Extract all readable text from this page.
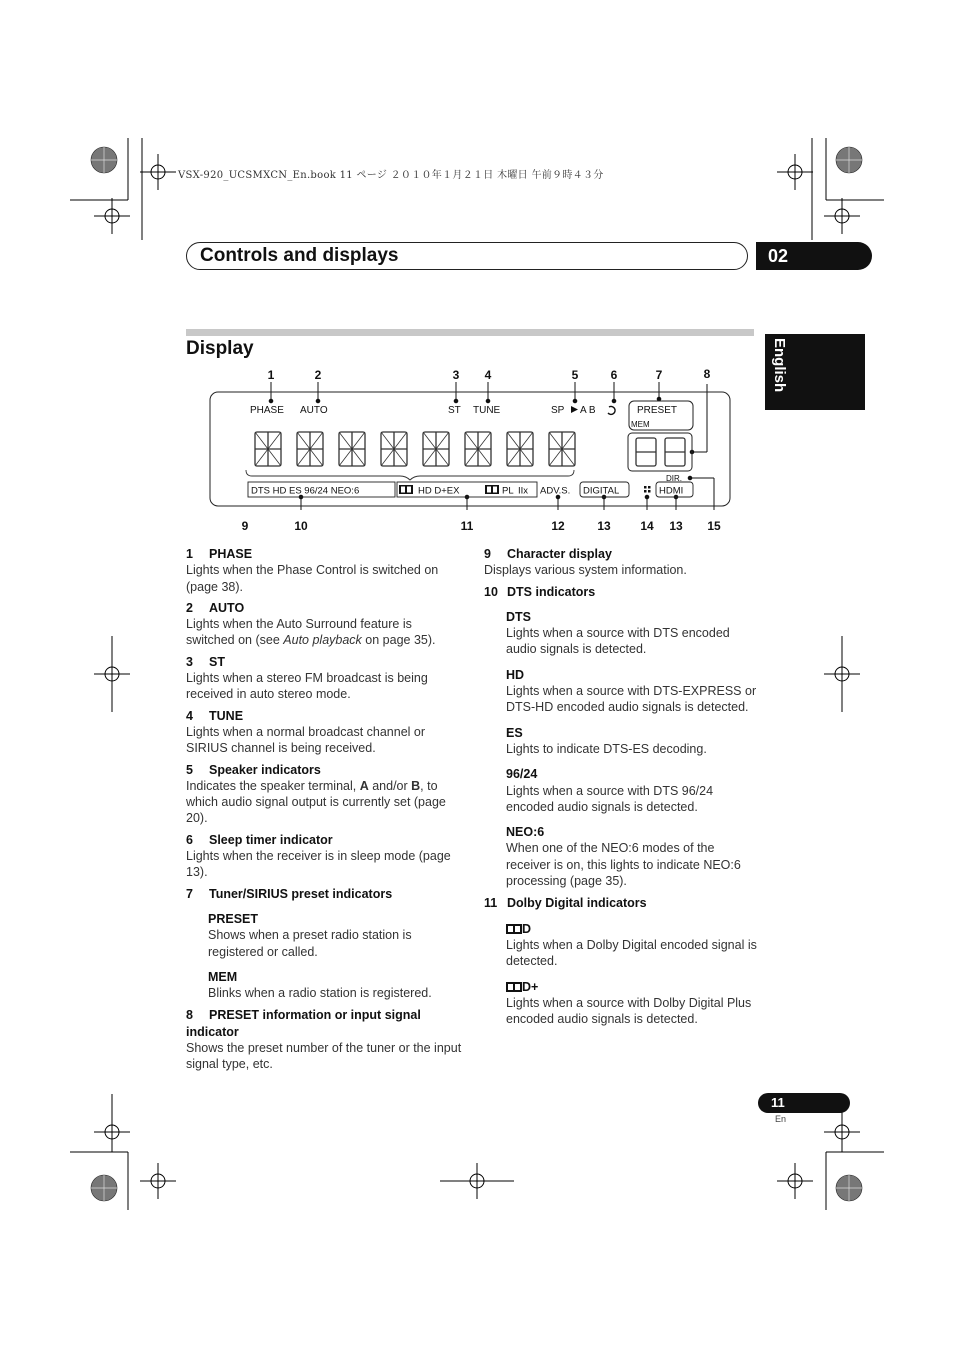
VSX-920_UCSMXCN_En.book 11 ページ ２０１０年１月２１日 木曜日 午前９時４３分
Controls and displays	02
English
Display
1	2	3 4	5	6	7	8
9	10	11	12	13 14 13 15
PHASE AUTO	ST TUNE	SP A B	PRESET
MEM
DIR.
DTS HD ES 96/24 NEO:6	HD D+EX	PL IIx ADV.S. DIGITAL	HDMI
1 PHASE

Lights when the Phase Control is switched on (page 38).

2 AUTO

Lights when the Auto Surround feature is switched on (see Auto playback on page 35).

3 ST

Lights when a stereo FM broadcast is being received in auto stereo mode.

4 TUNE

Lights when a normal broadcast channel or SIRIUS channel is being received.

5 Speaker indicators

Indicates the speaker terminal, A and/or B, to which audio signal output is currently set (page 20).

6 Sleep timer indicator

Lights when the receiver is in sleep mode (page 13).

7 Tuner/SIRIUS preset indicators
PRESET

Shows when a preset radio station is registered or called.

MEM

Blinks when a radio station is registered.

8 PRESET information or input signal indicator

Shows the preset number of the tuner or the input signal type, etc.

9 Character display

Displays various system information.

10 DTS indicators
DTS

Lights when a source with DTS encoded audio signals is detected.

HD

Lights when a source with DTS-EXPRESS or DTS-HD encoded audio signals is detected.

ES

Lights to indicate DTS-ES decoding.

96/24

Lights when a source with DTS 96/24 encoded audio signals is detected.

NEO:6

When one of the NEO:6 modes of the receiver is on, this lights to indicate NEO:6 processing (page 35).

11 Dolby Digital indicators
D

Lights when a Dolby Digital encoded signal is detected.

D+

Lights when a source with Dolby Digital Plus encoded audio signals is detected.

11
En
